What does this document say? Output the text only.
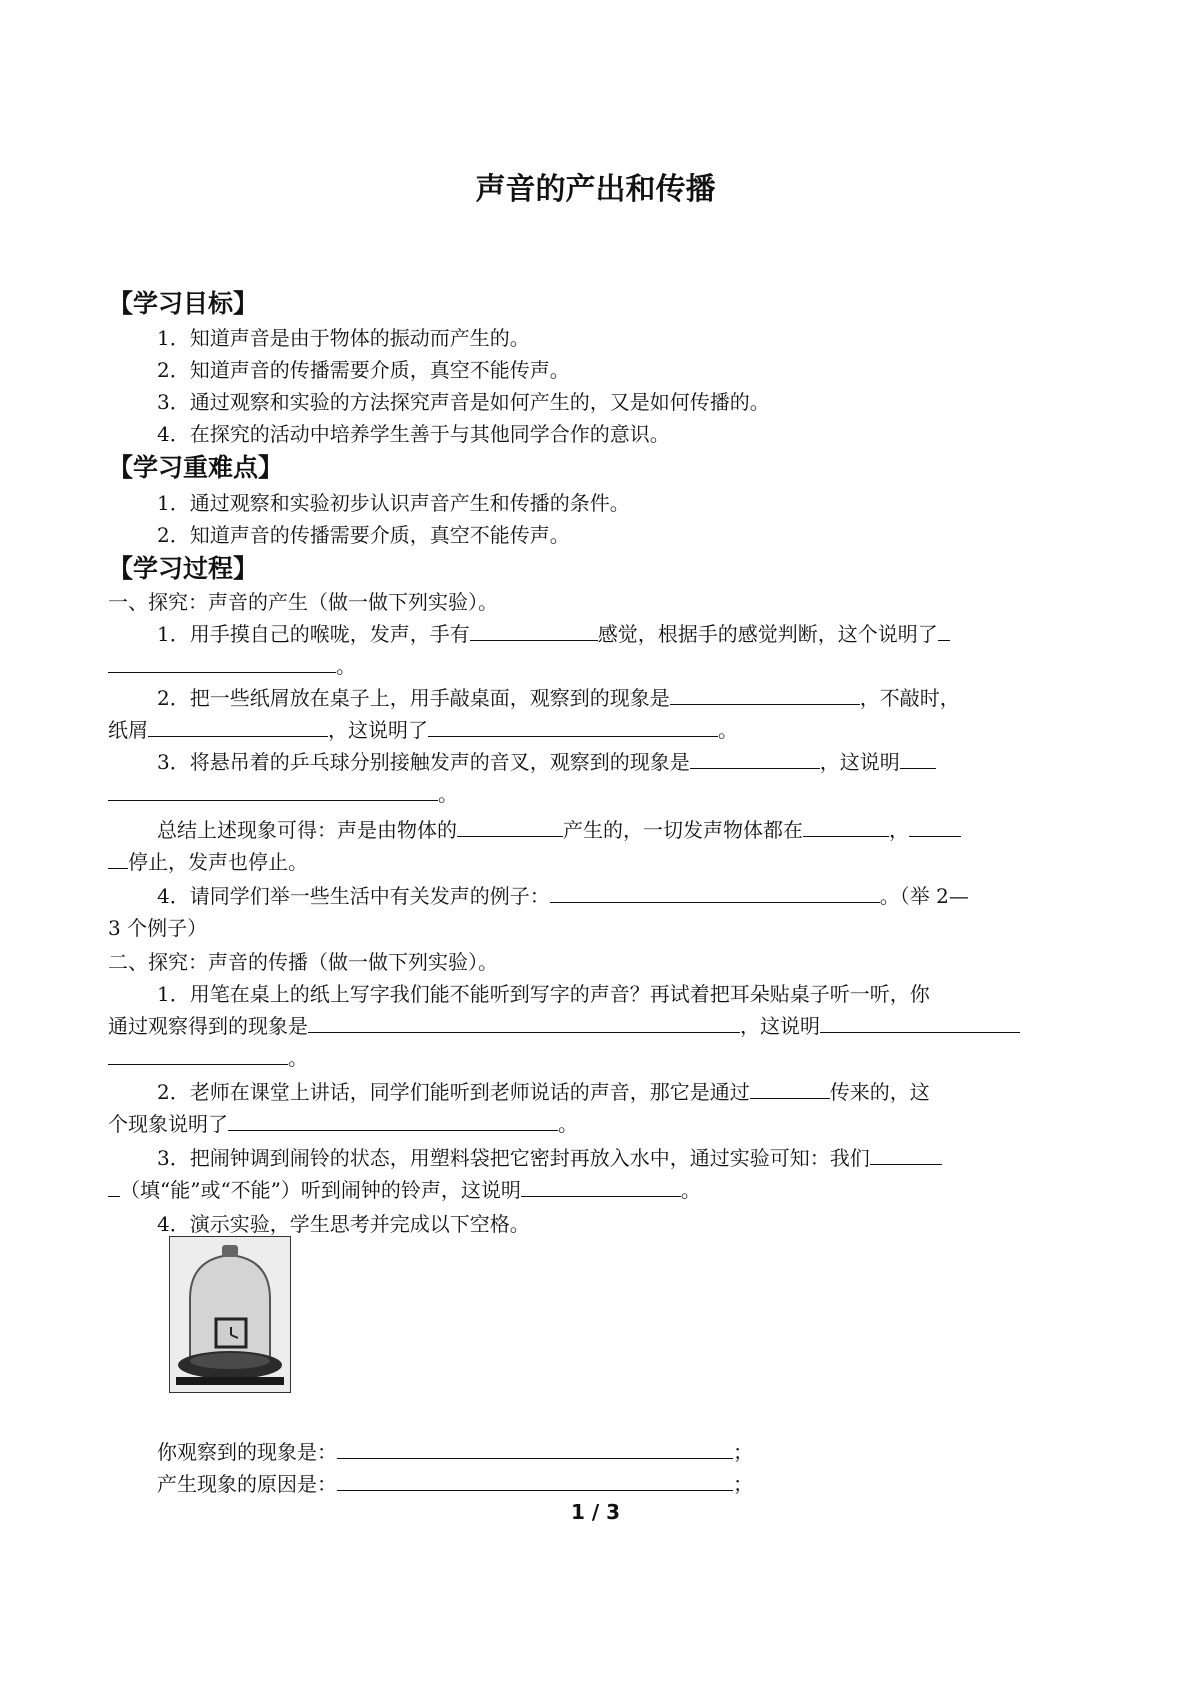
声音的产出和传播
【学习目标】
1．知道声音是由于物体的振动而产生的。
2．知道声音的传播需要介质，真空不能传声。
3．通过观察和实验的方法探究声音是如何产生的，又是如何传播的。
4．在探究的活动中培养学生善于与其他同学合作的意识。
【学习重难点】
1．通过观察和实验初步认识声音产生和传播的条件。
2．知道声音的传播需要介质，真空不能传声。
【学习过程】
一、探究：声音的产生（做一做下列实验）。
1．用手摸自己的喉咙，发声，手有	感觉，根据手的感觉判断，这个说明了
。
2．把一些纸屑放在桌子上，用手敲桌面，观察到的现象是	，不敲时，
纸屑	，这说明了	。
3．将悬吊着的乒乓球分别接触发声的音叉，观察到的现象是	，这说明
。
总结上述现象可得：声是由物体的	产生的，一切发声物体都在	，
停止，发声也停止。
4．请同学们举一些生活中有关发声的例子：	。（举 2—
3 个例子）
二、探究：声音的传播（做一做下列实验）。
1．用笔在桌上的纸上写字我们能不能听到写字的声音？再试着把耳朵贴桌子听一听，你
通过观察得到的现象是	，这说明
。
2．老师在课堂上讲话，同学们能听到老师说话的声音，那它是通过	传来的，这
个现象说明了	。
3．把闹钟调到闹铃的状态，用塑料袋把它密封再放入水中，通过实验可知：我们
（填“能”或“不能”）听到闹钟的铃声，这说明	。
4．演示实验，学生思考并完成以下空格。
你观察到的现象是：	；
产生现象的原因是：	；
1 / 3
